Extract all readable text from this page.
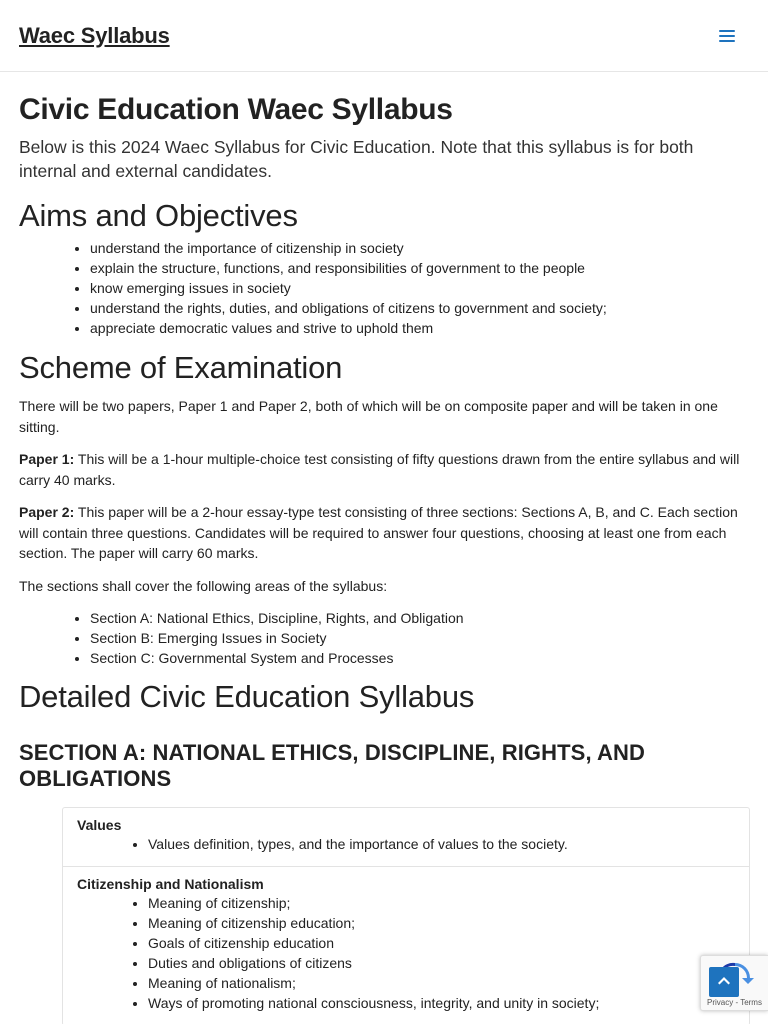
Waec Syllabus
Civic Education Waec Syllabus

Below is this 2024 Waec Syllabus for Civic Education. Note that this syllabus is for both internal and external candidates.

Aims and Objectives
• understand the importance of citizenship in society
• explain the structure, functions, and responsibilities of government to the people
• know emerging issues in society
• understand the rights, duties, and obligations of citizens to government and society;
• appreciate democratic values and strive to uphold them
Scheme of Examination

There will be two papers, Paper 1 and Paper 2, both of which will be on composite paper and will be taken in one sitting.

Paper 1: This will be a 1-hour multiple-choice test consisting of fifty questions drawn from the entire syllabus and will carry 40 marks.

Paper 2: This paper will be a 2-hour essay-type test consisting of three sections: Sections A, B, and C. Each section will contain three questions. Candidates will be required to answer four questions, choosing at least one from each section. The paper will carry 60 marks.

The sections shall cover the following areas of the syllabus:

• Section A: National Ethics, Discipline, Rights, and Obligation
• Section B: Emerging Issues in Society
• Section C: Governmental System and Processes
Detailed Civic Education Syllabus
SECTION A: NATIONAL ETHICS, DISCIPLINE, RIGHTS, AND OBLIGATIONS
Values
• Values definition, types, and the importance of values to the society.
Citizenship and Nationalism
• Meaning of citizenship;
• Meaning of citizenship education;
• Goals of citizenship education
• Duties and obligations of citizens
• Meaning of nationalism;
• Ways of promoting national consciousness, integrity, and unity in society;	Privacy - Terms
